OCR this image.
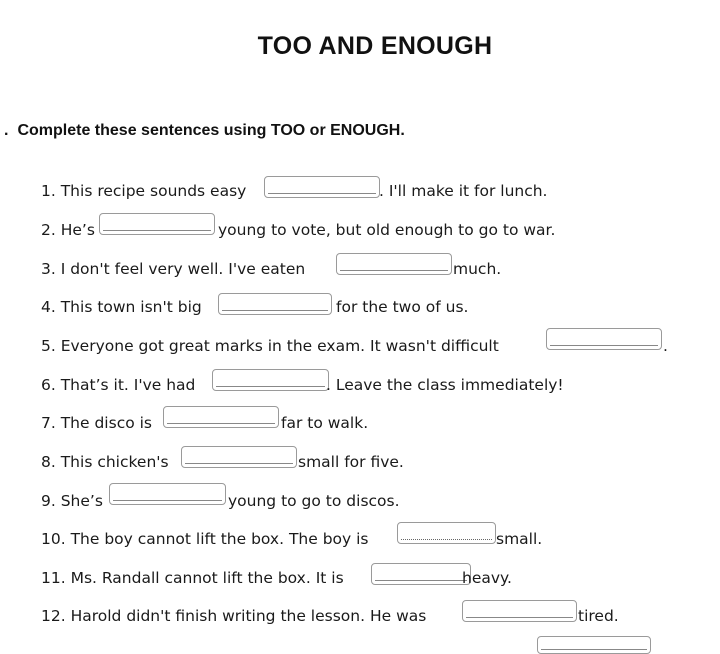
TOO AND ENOUGH
. Complete these sentences using TOO or ENOUGH.
1. This recipe sounds easy	. I'll make it for lunch.
2. He’s	young to vote, but old enough to go to war.
3. I don't feel very well. I've eaten	much.
4. This town isn't big	for the two of us.
5. Everyone got great marks in the exam. It wasn't difficult	.
6. That’s it. I've had	. Leave the class immediately!
7. The disco is	far to walk.
8. This chicken's	small for five.
9. She’s	young to go to discos.
10. The boy cannot lift the box. The boy is	small.
11. Ms. Randall cannot lift the box. It is	heavy.
12. Harold didn't finish writing the lesson. He was	tired.
